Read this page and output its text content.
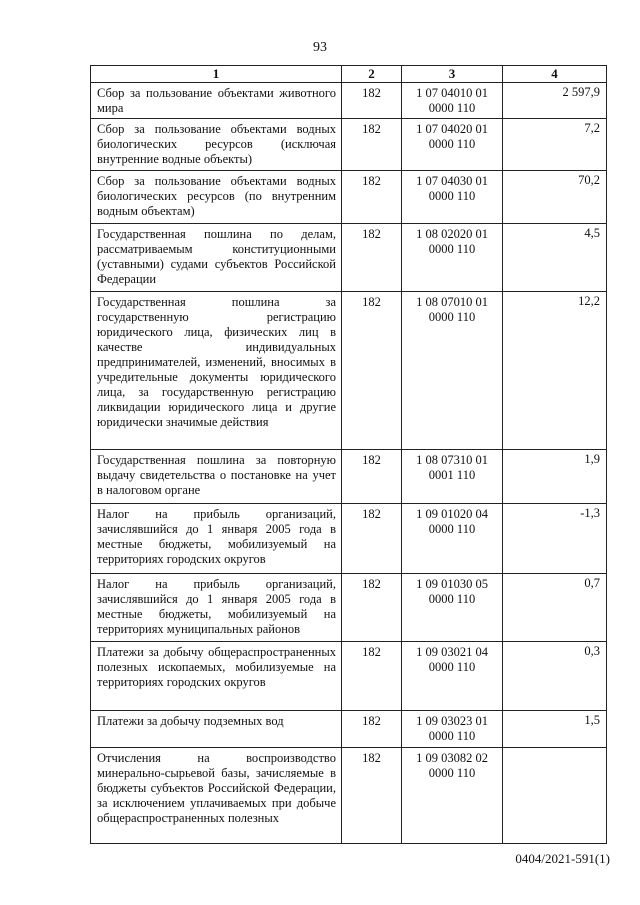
93
1	2	3	4
Сбор за пользование объектами животного мира	182	1 07 04010 01 0000 110	2 597,9
Сбор за пользование объектами водных биологических ресурсов (исключая внутренние водные объекты)	182	1 07 04020 01 0000 110	7,2
Сбор за пользование объектами водных биологических ресурсов (по внутренним водным объектам)	182	1 07 04030 01 0000 110	70,2
Государственная пошлина по делам, рассматриваемым конституционными (уставными) судами субъектов Российской Федерации	182	1 08 02020 01 0000 110	4,5
Государственная пошлина за государственную регистрацию юридического лица, физических лиц в качестве индивидуальных предпринимателей, изменений, вносимых в учредительные документы юридического лица, за государственную регистрацию ликвидации юридического лица и другие юридически значимые действия	182	1 08 07010 01 0000 110	12,2
Государственная пошлина за повторную выдачу свидетельства о постановке на учет в налоговом органе	182	1 08 07310 01 0001 110	1,9
Налог на прибыль организаций, зачислявшийся до 1 января 2005 года в местные бюджеты, мобилизуемый на территориях городских округов	182	1 09 01020 04 0000 110	-1,3
Налог на прибыль организаций, зачислявшийся до 1 января 2005 года в местные бюджеты, мобилизуемый на территориях муниципальных районов	182	1 09 01030 05 0000 110	0,7
Платежи за добычу общераспространенных полезных ископаемых, мобилизуемые на территориях городских округов	182	1 09 03021 04 0000 110	0,3
Платежи за добычу подземных вод	182	1 09 03023 01 0000 110	1,5
Отчисления на воспроизводство минерально-сырьевой базы, зачисляемые в бюджеты субъектов Российской Федерации, за исключением уплачиваемых при добыче общераспространенных полезных	182	1 09 03082 02 0000 110	
0404/2021-591(1)
